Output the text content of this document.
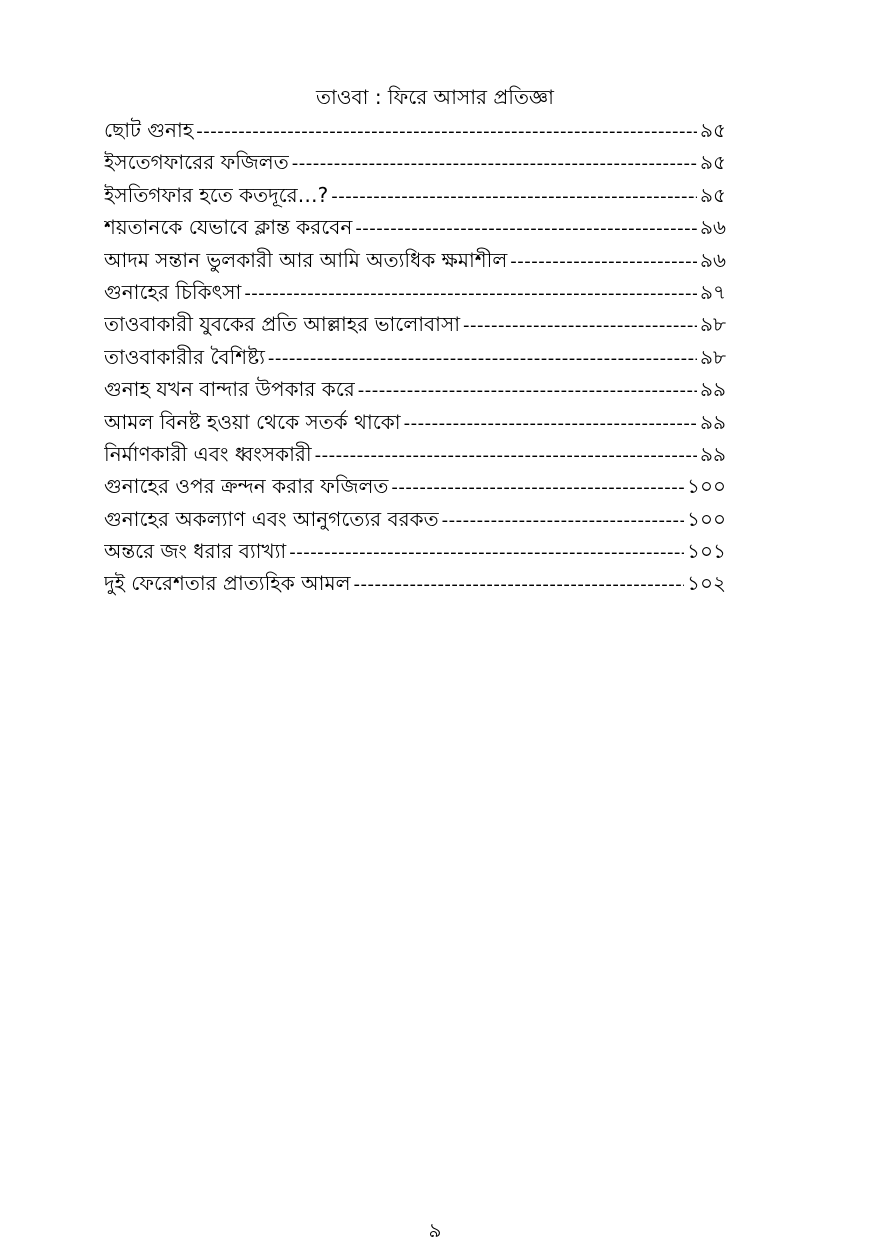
তাওবা : ফিরে আসার প্রতিজ্ঞা
ছোট গুনাহ -----	৯৫
ইসতেগফারের ফজিলত -----	৯৫
ইসতিগফার হতে কতদূরে…? -----	৯৫
শয়তানকে যেভাবে ক্লান্ত করবেন -----	৯৬
আদম সন্তান ভুলকারী আর আমি অত্যধিক ক্ষমাশীল -----	৯৬
গুনাহের চিকিৎসা -----	৯৭
তাওবাকারী যুবকের প্রতি আল্লাহর ভালোবাসা -----	৯৮
তাওবাকারীর বৈশিষ্ট্য -----	৯৮
গুনাহ যখন বান্দার উপকার করে -----	৯৯
আমল বিনষ্ট হওয়া থেকে সতর্ক থাকো -----	৯৯
নির্মাণকারী এবং ধ্বংসকারী -----	৯৯
গুনাহের ওপর ক্রন্দন করার ফজিলত -----	১০০
গুনাহের অকল্যাণ এবং আনুগত্যের বরকত -----	১০০
অন্তরে জং ধরার ব্যাখ্যা -----	১০১
দুই ফেরেশতার প্রাত্যহিক আমল -----	১০২
৯
